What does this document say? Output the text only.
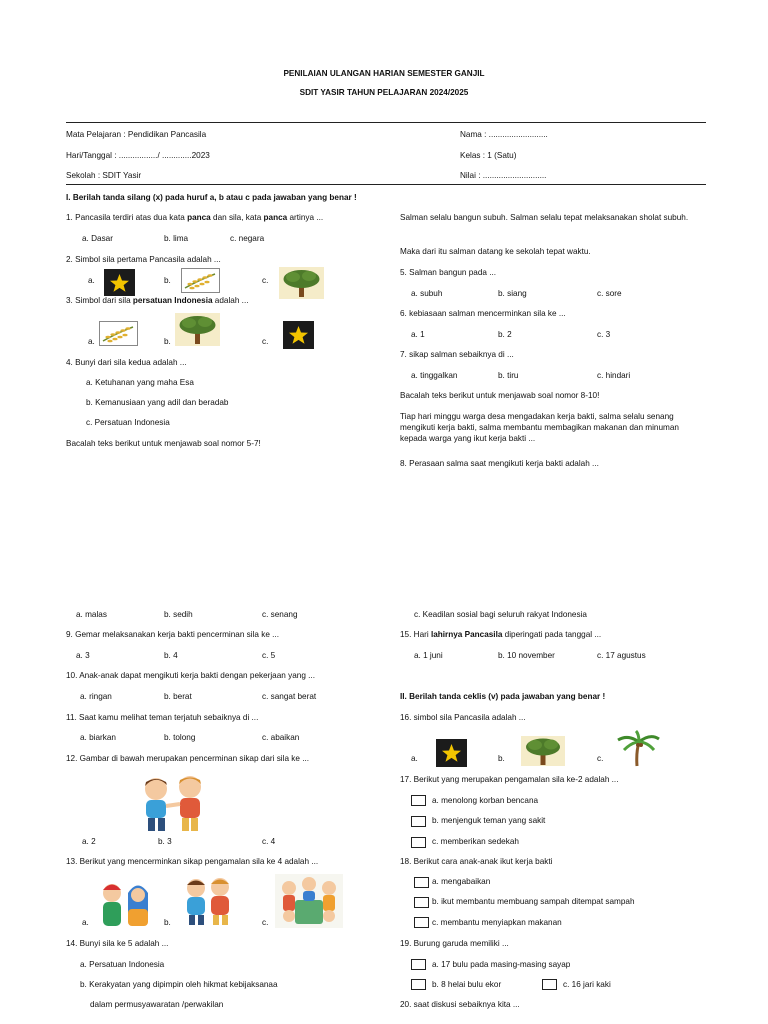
PENILAIAN ULANGAN HARIAN SEMESTER GANJIL
SDIT YASIR TAHUN PELAJARAN 2024/2025
Mata Pelajaran : Pendidikan Pancasila
Hari/Tanggal : ................./ .............2023
Sekolah : SDIT Yasir
Nama : ..........................
Kelas : 1 (Satu)
Nilai : ............................
I. Berilah tanda silang (x) pada huruf a, b atau c pada jawaban yang benar !
1. Pancasila terdiri atas dua kata panca dan sila, kata panca artinya ...
a. Dasar	b. lima	c. negara
2. Simbol sila pertama Pancasila adalah ...
a.	b.	c.
3. Simbol dari sila persatuan Indonesia adalah ...
a.	b.	c.
4. Bunyi dari sila kedua adalah ...
a. Ketuhanan yang maha Esa
b. Kemanusiaan yang adil dan beradab
c. Persatuan Indonesia
Bacalah teks berikut untuk menjawab soal nomor 5-7!
a. malas	b. sedih	c. senang
9. Gemar melaksanakan kerja bakti pencerminan sila ke ...
a. 3	b. 4	c. 5
10. Anak-anak dapat mengikuti kerja bakti dengan pekerjaan yang ...
a. ringan	b. berat	c. sangat berat
11. Saat kamu melihat teman terjatuh sebaiknya di ...
a. biarkan	b. tolong	c. abaikan
12. Gambar di bawah merupakan pencerminan sikap dari sila ke ...
a. 2	b. 3	c. 4
13. Berikut yang mencerminkan sikap pengamalan sila ke 4 adalah ...
a.	b.	c.
14. Bunyi sila ke 5 adalah ...
a. Persatuan Indonesia
b. Kerakyatan yang dipimpin oleh hikmat kebijaksanaa
dalam permusyawaratan /perwakilan
Salman selalu bangun subuh. Salman selalu tepat melaksanakan sholat subuh.
Maka dari itu salman datang ke sekolah tepat waktu.
5. Salman bangun pada ...
a. subuh	b. siang	c. sore
6. kebiasaan salman mencerminkan sila ke ...
a. 1	b. 2	c. 3
7. sikap salman sebaiknya di ...
a. tinggalkan	b. tiru	c. hindari
Bacalah teks berikut untuk menjawab soal nomor 8-10!
Tiap hari minggu warga desa mengadakan kerja bakti, salma selalu senang mengikuti kerja bakti, salma membantu membagikan makanan dan minuman kepada warga yang ikut kerja bakti ...
8. Perasaan salma saat mengikuti kerja bakti adalah ...
c. Keadilan sosial bagi seluruh rakyat Indonesia
15. Hari lahirnya Pancasila diperingati pada tanggal ...
a. 1 juni	b. 10 november	c. 17 agustus
II. Berilah tanda ceklis (v) pada jawaban yang benar !
16. simbol sila Pancasila adalah ...
a.	b.	c.
17. Berikut yang merupakan pengamalan sila ke-2 adalah ...
a. menolong korban bencana
b. menjenguk teman yang sakit
c. memberikan sedekah
18. Berikut cara anak-anak ikut kerja bakti
a. mengabaikan
b. ikut membantu membuang sampah ditempat sampah
c. membantu menyiapkan makanan
19. Burung garuda memiliki ...
a. 17 bulu pada masing-masing sayap
b. 8 helai bulu ekor	c. 16 jari kaki
20. saat diskusi sebaiknya kita ...
